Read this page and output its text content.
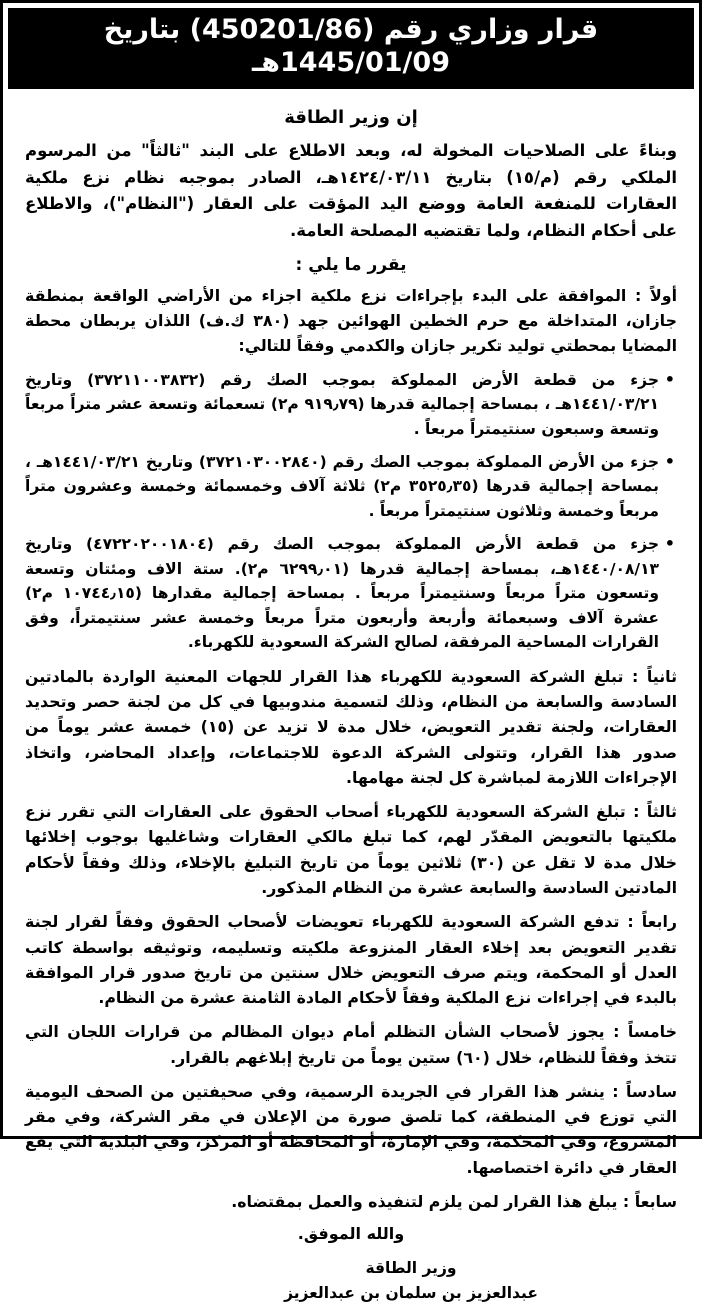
قرار وزاري رقم (450201/86) بتاريخ
1445/01/09هـ
إن وزير الطاقة

وبناءً على الصلاحيات المخولة له، وبعد الاطلاع على البند "ثالثاً" من المرسوم الملكي رقم (م/١٥) بتاريخ ١٤٢٤/٠٣/١١هـ، الصادر بموجبه نظام نزع ملكية العقارات للمنفعة العامة ووضع اليد المؤقت على العقار ("النظام")، والاطلاع على أحكام النظام، ولما تقتضيه المصلحة العامة.

يقرر ما يلي :

أولاً : الموافقة على البدء بإجراءات نزع ملكية اجزاء من الأراضي الواقعة بمنطقة جازان، المتداخلة مع حرم الخطين الهوائين جهد (٣٨٠ ك.ف) اللذان يربطان محطة المضايا بمحطتي توليد تكرير جازان والكدمي وفقاً للتالي:

• جزء من قطعة الأرض المملوكة بموجب الصك رقم (٣٧٢١١٠٠٣٨٣٢) وتاريخ ١٤٤١/٠٣/٢١هـ ، بمساحة إجمالية قدرها (٩١٩٫٧٩ م٢) تسعمائة وتسعة عشر متراً مربعاً وتسعة وسبعون سنتيمتراً مربعاً .
• جزء من الأرض المملوكة بموجب الصك رقم (٣٧٢١٠٣٠٠٢٨٤٠) وتاريخ ١٤٤١/٠٣/٢١هـ ، بمساحة إجمالية قدرها (٣٥٢٥٫٣٥ م٢) ثلاثة آلاف وخمسمائة وخمسة وعشرون متراً مربعاً وخمسة وثلاثون سنتيمتراً مربعاً .
• جزء من قطعة الأرض المملوكة بموجب الصك رقم (٤٧٢٢٠٢٠٠١٨٠٤) وتاريخ ١٤٤٠/٠٨/١٣هـ، بمساحة إجمالية قدرها (٦٢٩٩٫٠١ م٢). ستة الاف ومئتان وتسعة وتسعون متراً مربعاً وسنتيمتراً مربعاً . بمساحة إجمالية مقدارها (١٠٧٤٤٫١٥ م٢) عشرة آلاف وسبعمائة وأربعة وأربعون متراً مربعاً وخمسة عشر سنتيمتراً، وفق القرارات المساحية المرفقة، لصالح الشركة السعودية للكهرباء.

ثانياً : تبلغ الشركة السعودية للكهرباء هذا القرار للجهات المعنية الواردة بالمادتين السادسة والسابعة من النظام، وذلك لتسمية مندوبيها في كل من لجنة حصر وتحديد العقارات، ولجنة تقدير التعويض، خلال مدة لا تزيد عن (١٥) خمسة عشر يوماً من صدور هذا القرار، وتتولى الشركة الدعوة للاجتماعات، وإعداد المحاضر، واتخاذ الإجراءات اللازمة لمباشرة كل لجنة مهامها.

ثالثاً : تبلغ الشركة السعودية للكهرباء أصحاب الحقوق على العقارات التي تقرر نزع ملكيتها بالتعويض المقدّر لهم، كما تبلغ مالكي العقارات وشاغليها بوجوب إخلائها خلال مدة لا تقل عن (٣٠) ثلاثين يوماً من تاريخ التبليغ بالإخلاء، وذلك وفقاً لأحكام المادتين السادسة والسابعة عشرة من النظام المذكور.

رابعاً : تدفع الشركة السعودية للكهرباء تعويضات لأصحاب الحقوق وفقاً لقرار لجنة تقدير التعويض بعد إخلاء العقار المنزوعة ملكيته وتسليمه، وتوثيقه بواسطة كاتب العدل أو المحكمة، ويتم صرف التعويض خلال سنتين من تاريخ صدور قرار الموافقة بالبدء في إجراءات نزع الملكية وفقاً لأحكام المادة الثامنة عشرة من النظام.

خامساً : يجوز لأصحاب الشأن التظلم أمام ديوان المظالم من قرارات اللجان التي تتخذ وفقاً للنظام، خلال (٦٠) ستين يوماً من تاريخ إبلاغهم بالقرار.

سادساً : ينشر هذا القرار في الجريدة الرسمية، وفي صحيفتين من الصحف اليومية التي توزع في المنطقة، كما تلصق صورة من الإعلان في مقر الشركة، وفي مقر المشروع، وفي المحكمة، وفي الإمارة، أو المحافظة أو المركز، وفي البلدية التي يقع العقار في دائرة اختصاصها.

سابعاً : يبلغ هذا القرار لمن يلزم لتنفيذه والعمل بمقتضاه.

والله الموفق.
وزير الطاقة
عبدالعزيز بن سلمان بن عبدالعزيز
